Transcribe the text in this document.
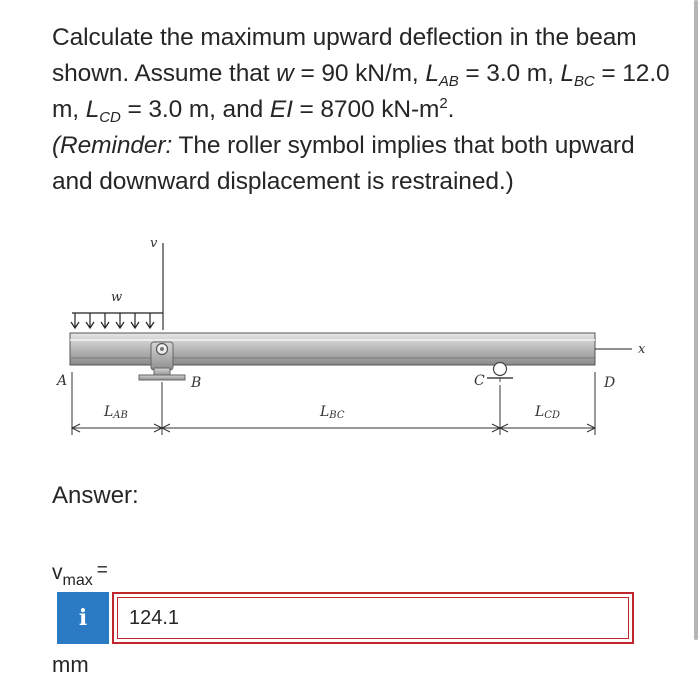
Calculate the maximum upward deflection in the beam shown. Assume that w = 90 kN/m, $L_{AB} = 3.0$ m, $L_{BC} = 12.0$ m, $L_{CD} = 3.0$ m, and EI = 8700 $kN-m^2$.
(Reminder: The roller symbol implies that both upward and downward displacement is restrained.)
v
w
x
A	B	C	D
LAB	LBC	LCD
Answer:
$v_{max}$ =
i	124.1
mm
